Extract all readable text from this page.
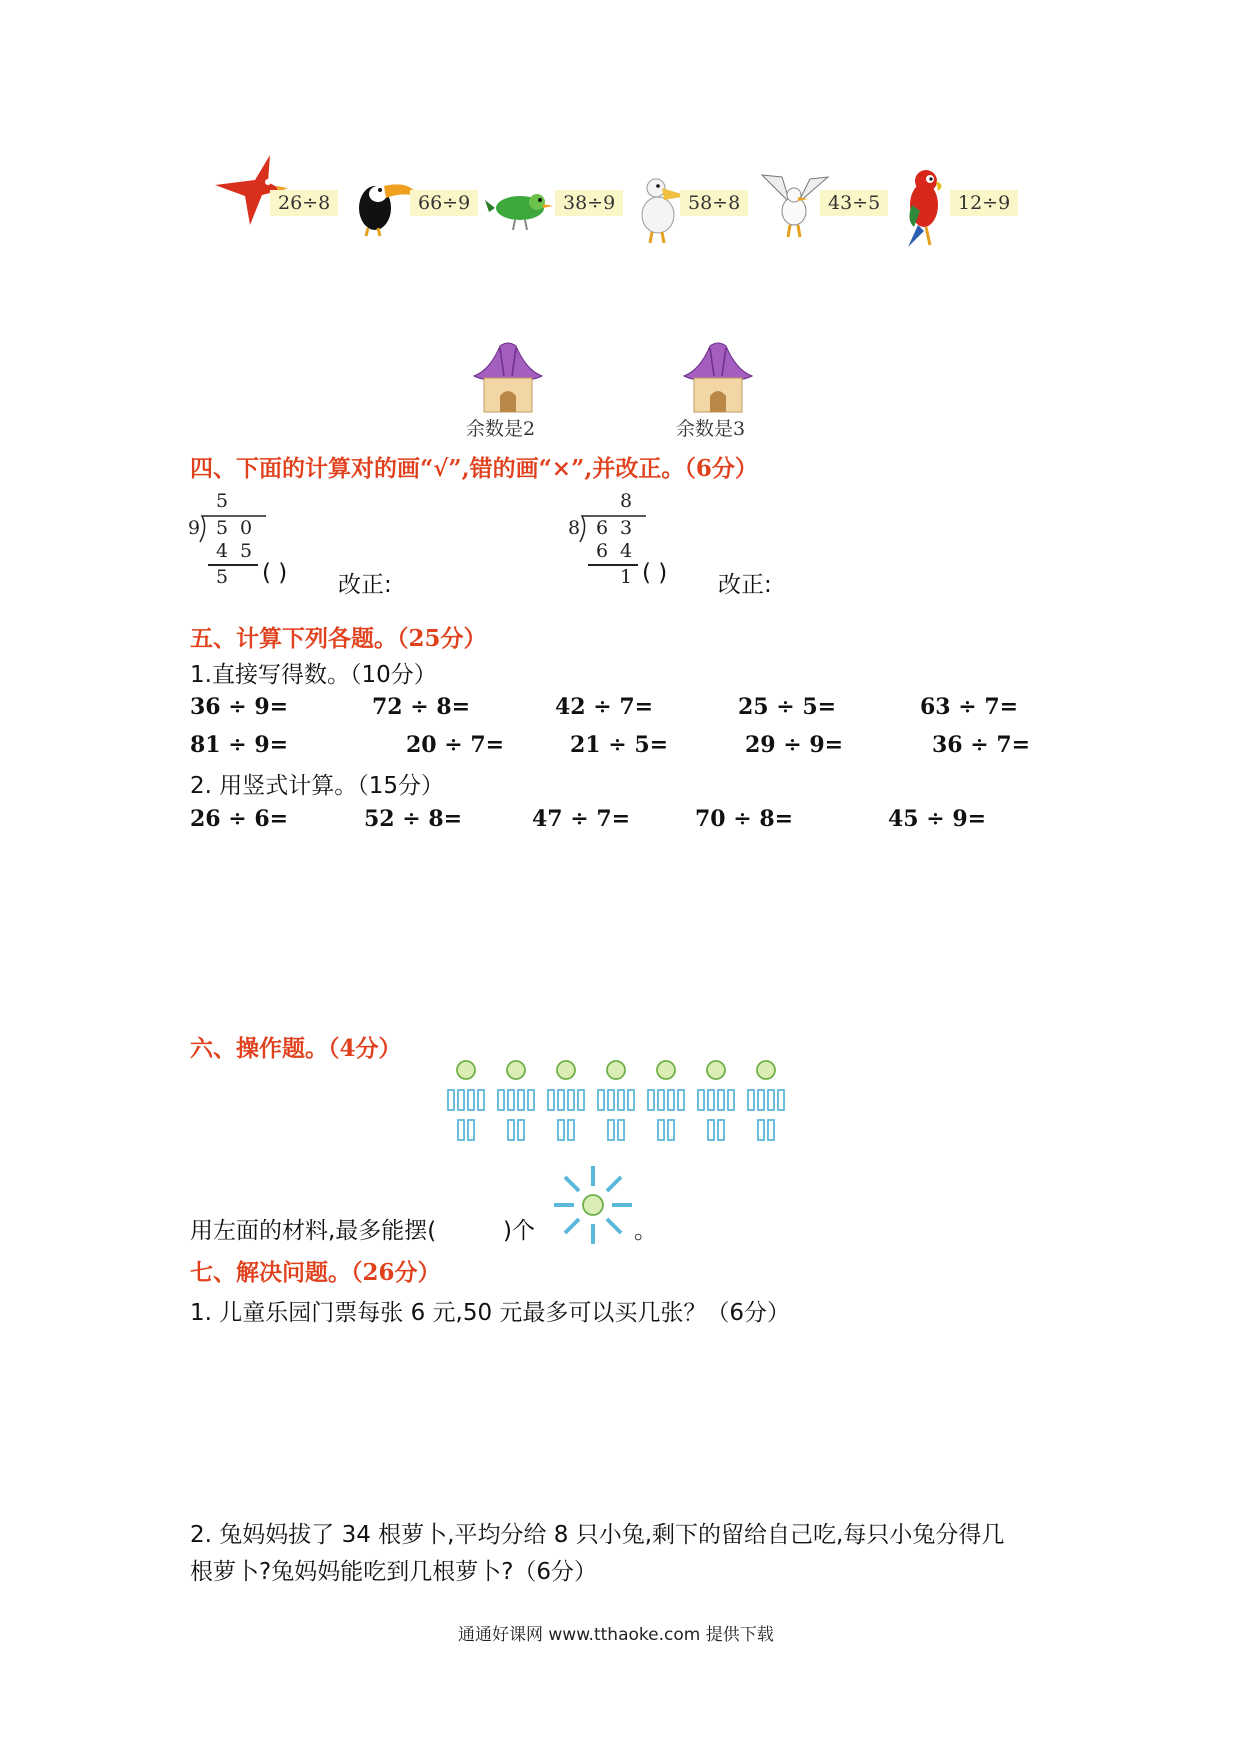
26÷8	66÷9	38÷9	58÷8	43÷5	12÷9
余数是2	余数是3
四、下面的计算对的画“√”,错的画“×”,并改正。（6分）
5
9 5 0
4 5
5 ( ) 改正:
8
8 6 3
6 4
1 ( ) 改正:
五、计算下列各题。（25分）
1.直接写得数。（10分）
36 ÷ 9=	72 ÷ 8=	42 ÷ 7=	25 ÷ 5=	63 ÷ 7=
81 ÷ 9=	20 ÷ 7=	21 ÷ 5=	29 ÷ 9=	36 ÷ 7=
2. 用竖式计算。（15分）
26 ÷ 6=	52 ÷ 8=	47 ÷ 7=	70 ÷ 8=	45 ÷ 9=
六、操作题。（4分）
用左面的材料,最多能摆(	)个	。
七、解决问题。（26分）
1. 儿童乐园门票每张 6 元,50 元最多可以买几张？（6分）
2. 兔妈妈拔了 34 根萝卜,平均分给 8 只小兔,剩下的留给自己吃,每只小兔分得几
根萝卜?兔妈妈能吃到几根萝卜?（6分）
通通好课网 www.tthaoke.com 提供下载
